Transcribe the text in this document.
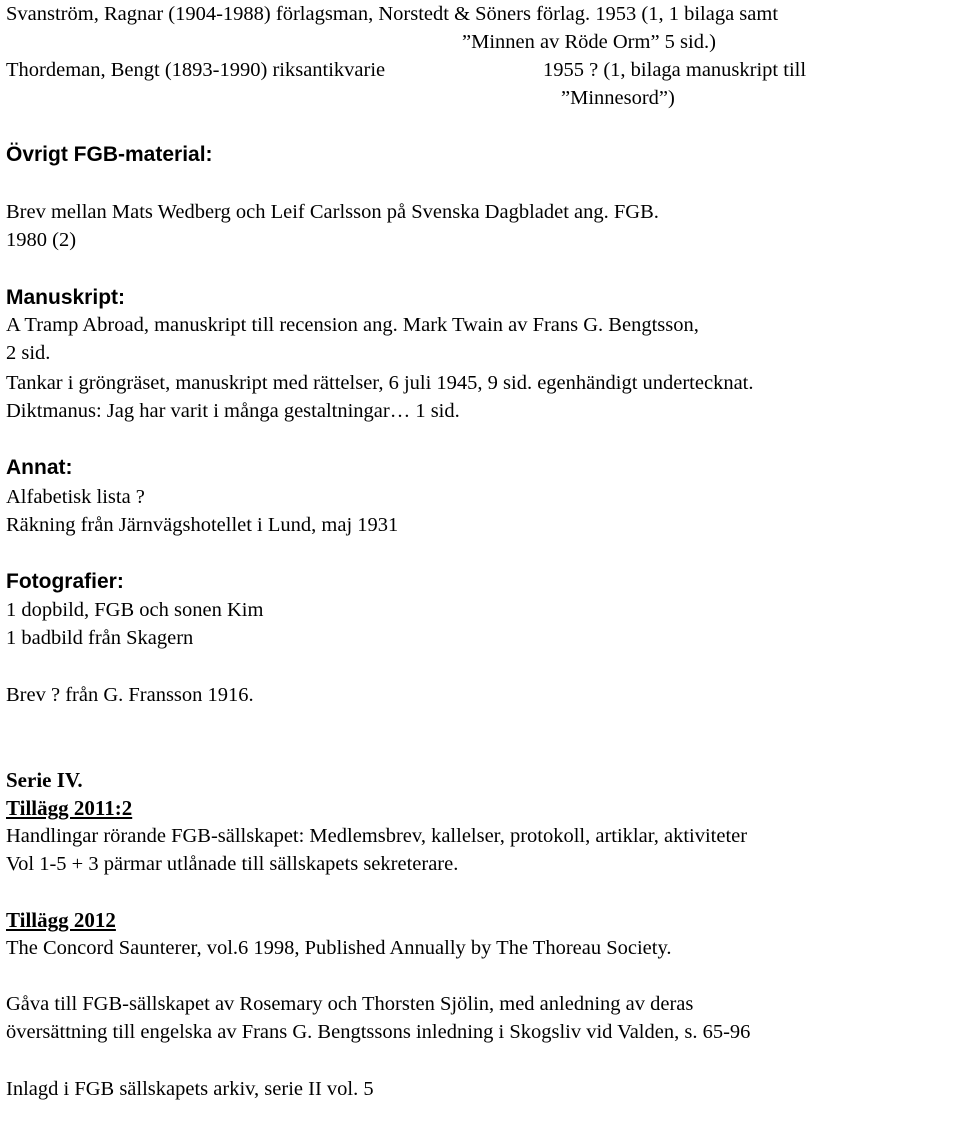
Svanström, Ragnar (1904-1988) förlagsman, Norstedt & Söners förlag. 1953 (1, 1 bilaga samt
”Minnen av Röde Orm” 5 sid.)
Thordeman, Bengt (1893-1990) riksantikvarie	1955 ? (1, bilaga manuskript till
”Minnesord”)
Övrigt FGB-material:
Brev mellan Mats Wedberg och Leif Carlsson på Svenska Dagbladet ang. FGB.
1980 (2)
Manuskript:
A Tramp Abroad, manuskript till recension ang. Mark Twain av Frans G. Bengtsson,
2 sid.
Tankar i gröngräset, manuskript med rättelser, 6 juli 1945, 9 sid. egenhändigt undertecknat.
Diktmanus: Jag har varit i många gestaltningar… 1 sid.
Annat:
Alfabetisk lista ?
Räkning från Järnvägshotellet i Lund, maj 1931
Fotografier:
1 dopbild, FGB och sonen Kim
1 badbild från Skagern
Brev ? från G. Fransson 1916.
Serie IV.
Tillägg 2011:2
Handlingar rörande FGB-sällskapet: Medlemsbrev, kallelser, protokoll, artiklar, aktiviteter
Vol 1-5 + 3 pärmar utlånade till sällskapets sekreterare.
Tillägg 2012
The Concord Saunterer, vol.6 1998, Published Annually by The Thoreau Society.
Gåva till FGB-sällskapet av Rosemary och Thorsten Sjölin, med anledning av deras
översättning till engelska av Frans G. Bengtssons inledning i Skogsliv vid Valden, s. 65-96
Inlagd i FGB sällskapets arkiv, serie II vol. 5
